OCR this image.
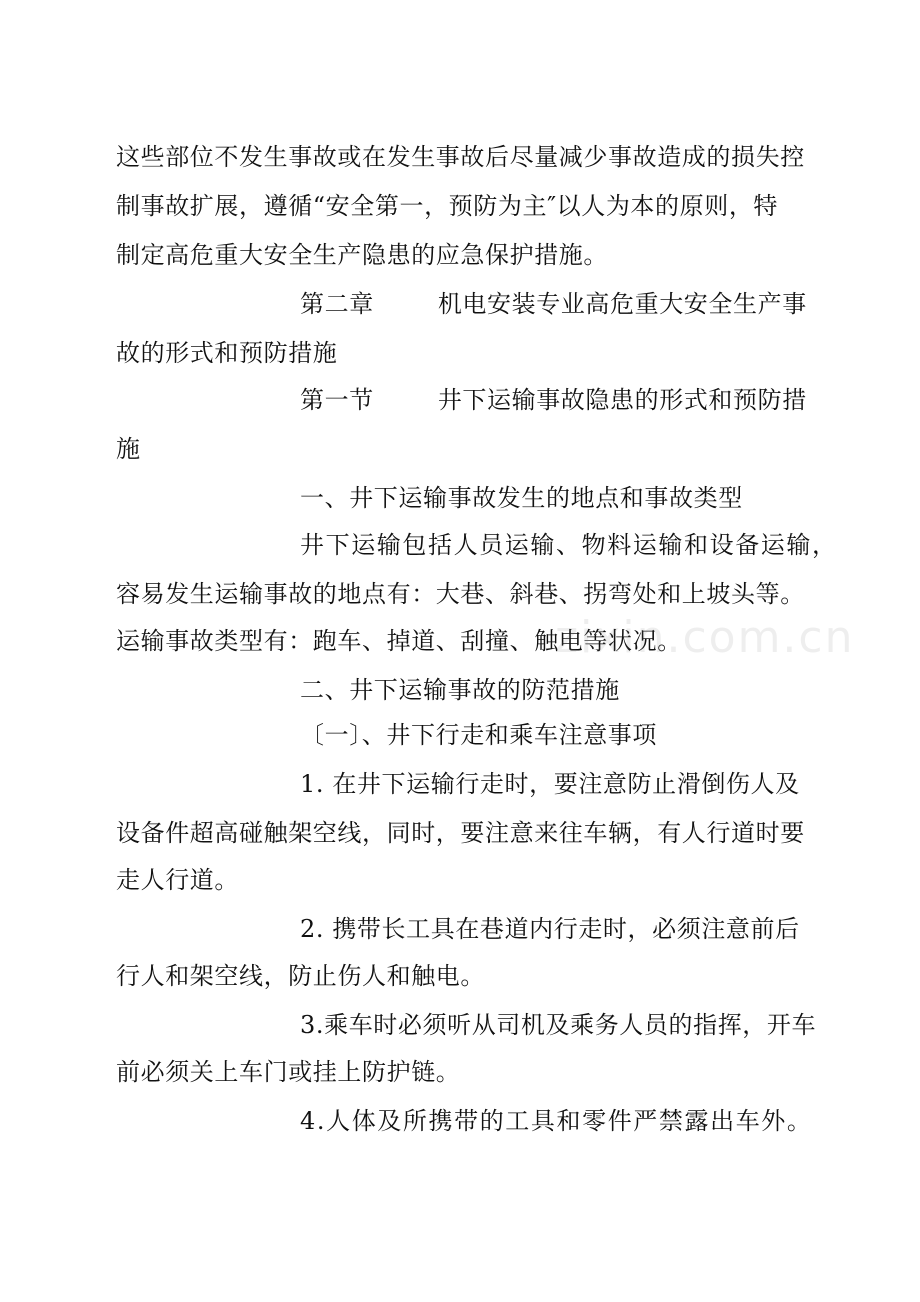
这些部位不发生事故或在发生事故后尽量减少事故造成的损失控
制事故扩展，遵循“安全第一，预防为主″以人为本的原则，特
制定高危重大安全生产隐患的应急保护措施。
第二章	机电安装专业高危重大安全生产事
故的形式和预防措施
第一节	井下运输事故隐患的形式和预防措
施
一、井下运输事故发生的地点和事故类型
井下运输包括人员运输、物料运输和设备运输，
容易发生运输事故的地点有：大巷、斜巷、拐弯处和上坡头等。
运输事故类型有：跑车、掉道、刮撞、触电等状况。
二、井下运输事故的防范措施
〔一〕、井下行走和乘车注意事项
1. 在井下运输行走时，要注意防止滑倒伤人及
设备件超高碰触架空线，同时，要注意来往车辆，有人行道时要
走人行道。
2. 携带长工具在巷道内行走时，必须注意前后
行人和架空线，防止伤人和触电。
3.乘车时必须听从司机及乘务人员的指挥，开车
前必须关上车门或挂上防护链。
4.人体及所携带的工具和零件严禁露出车外。
zixin.com.cn
